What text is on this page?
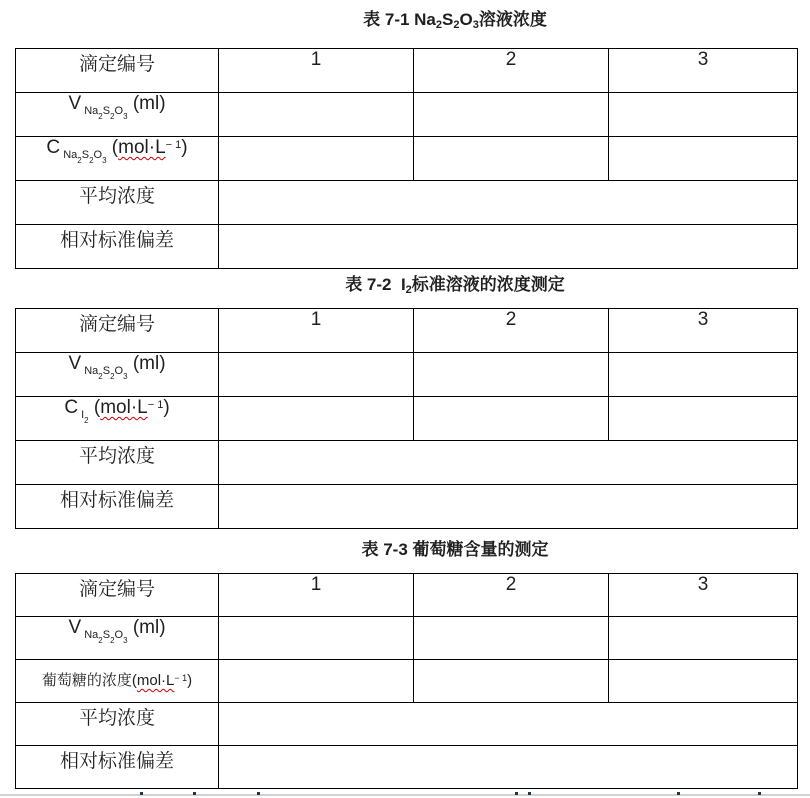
表 7-1 Na2S2O3溶液浓度
滴定编号	1	2	3
V $_{Na2S2O3}$ (ml)			
C $_{Na2S2O3}$ $(mol\cdot L^{- 1})$			
平均浓度			
相对标准偏差			
表 7-2  I2标准溶液的浓度测定
滴定编号	1	2	3
V $_{Na2S2O3}$ (ml)			
C $_{I2}$ $(mol\cdot L^{- 1})$			
平均浓度			
相对标准偏差			
表 7-3 葡萄糖含量的测定
滴定编号	1	2	3
V $_{Na2S2O3}$ (ml)			
葡萄糖的浓度$(mol\cdot L^{- 1})$			
平均浓度			
相对标准偏差			
